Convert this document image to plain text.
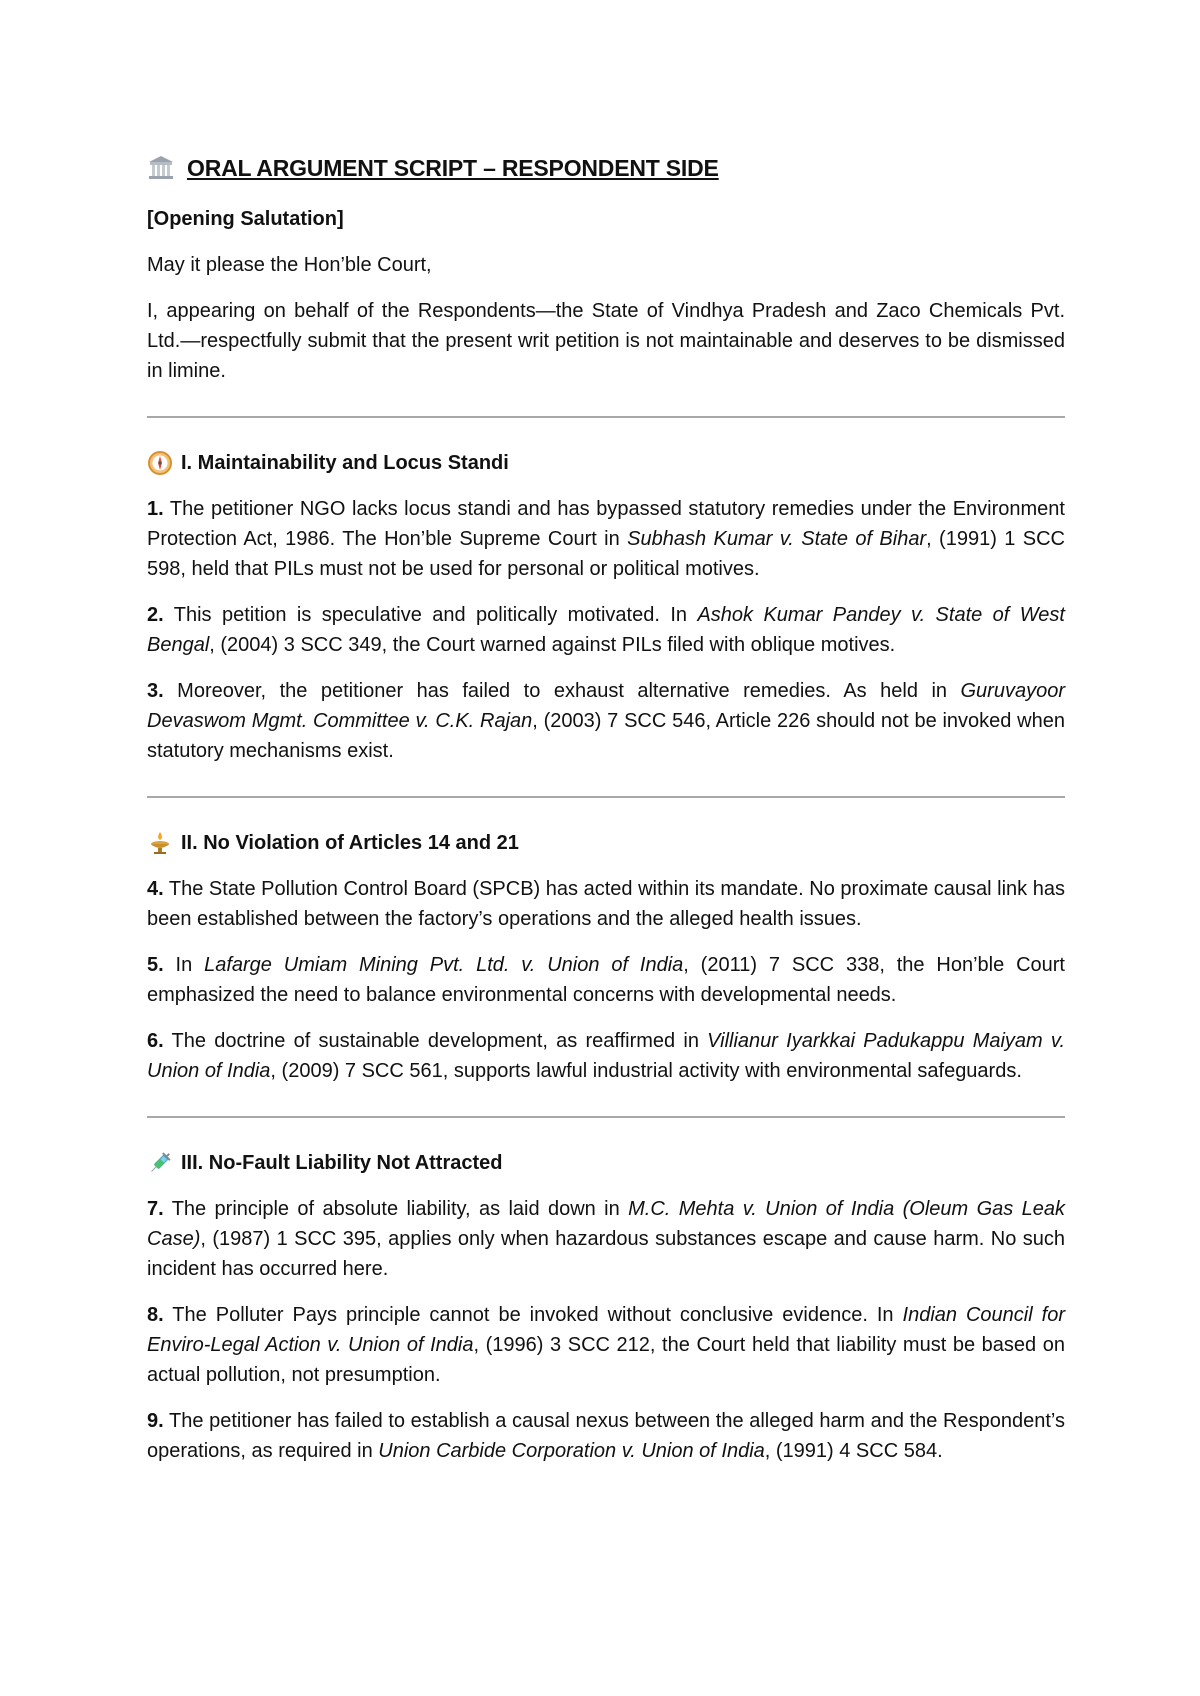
ORAL ARGUMENT SCRIPT – RESPONDENT SIDE

[Opening Salutation]

May it please the Hon’ble Court,

I, appearing on behalf of the Respondents—the State of Vindhya Pradesh and Zaco Chemicals Pvt. Ltd.—respectfully submit that the present writ petition is not maintainable and deserves to be dismissed in limine.

I. Maintainability and Locus Standi

1. The petitioner NGO lacks locus standi and has bypassed statutory remedies under the Environment Protection Act, 1986. The Hon’ble Supreme Court in Subhash Kumar v. State of Bihar, (1991) 1 SCC 598, held that PILs must not be used for personal or political motives.

2. This petition is speculative and politically motivated. In Ashok Kumar Pandey v. State of West Bengal, (2004) 3 SCC 349, the Court warned against PILs filed with oblique motives.

3. Moreover, the petitioner has failed to exhaust alternative remedies. As held in Guruvayoor Devaswom Mgmt. Committee v. C.K. Rajan, (2003) 7 SCC 546, Article 226 should not be invoked when statutory mechanisms exist.

II. No Violation of Articles 14 and 21

4. The State Pollution Control Board (SPCB) has acted within its mandate. No proximate causal link has been established between the factory’s operations and the alleged health issues.

5. In Lafarge Umiam Mining Pvt. Ltd. v. Union of India, (2011) 7 SCC 338, the Hon’ble Court emphasized the need to balance environmental concerns with developmental needs.

6. The doctrine of sustainable development, as reaffirmed in Villianur Iyarkkai Padukappu Maiyam v. Union of India, (2009) 7 SCC 561, supports lawful industrial activity with environmental safeguards.

III. No-Fault Liability Not Attracted

7. The principle of absolute liability, as laid down in M.C. Mehta v. Union of India (Oleum Gas Leak Case), (1987) 1 SCC 395, applies only when hazardous substances escape and cause harm. No such incident has occurred here.

8. The Polluter Pays principle cannot be invoked without conclusive evidence. In Indian Council for Enviro-Legal Action v. Union of India, (1996) 3 SCC 212, the Court held that liability must be based on actual pollution, not presumption.

9. The petitioner has failed to establish a causal nexus between the alleged harm and the Respondent’s operations, as required in Union Carbide Corporation v. Union of India, (1991) 4 SCC 584.
